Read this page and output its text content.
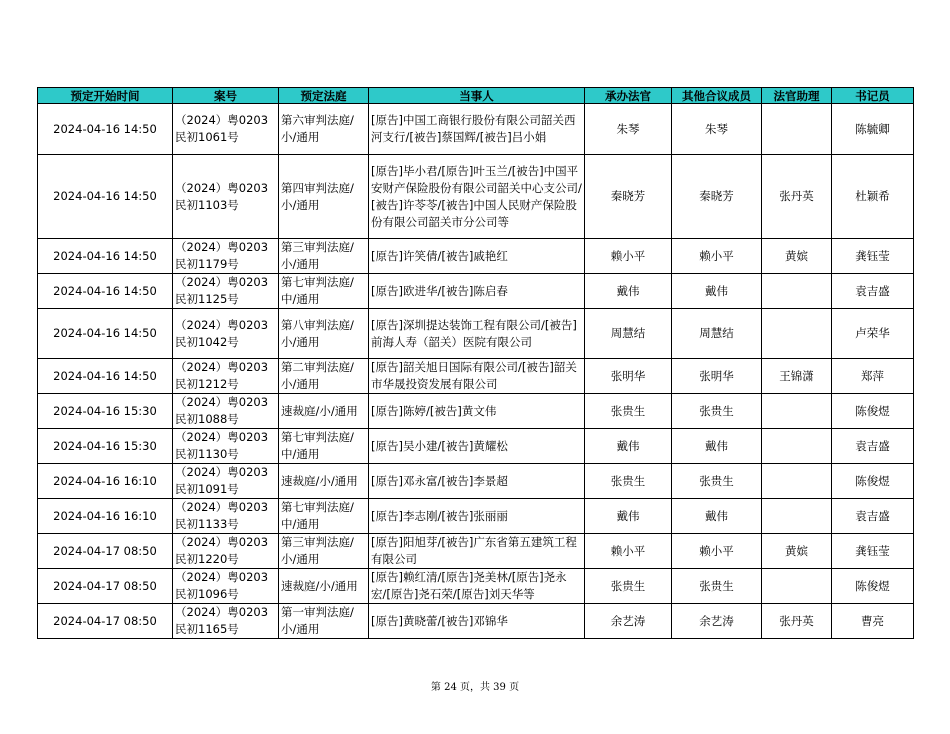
预定开始时间	案号	预定法庭	当事人	承办法官	其他合议成员	法官助理	书记员
2024-04-16 14:50	（2024）粤0203民初1061号	第六审判法庭/小/通用	[原告]中国工商银行股份有限公司韶关西河支行/[被告]蔡国辉/[被告]吕小娟	朱琴	朱琴		陈毓卿
2024-04-16 14:50	（2024）粤0203民初1103号	第四审判法庭/小/通用	[原告]毕小君/[原告]叶玉兰/[被告]中国平安财产保险股份有限公司韶关中心支公司/[被告]许苓苓/[被告]中国人民财产保险股份有限公司韶关市分公司等	秦晓芳	秦晓芳	张丹英	杜颖希
2024-04-16 14:50	（2024）粤0203民初1179号	第三审判法庭/小/通用	[原告]许笑倩/[被告]戚艳红	赖小平	赖小平	黄嫔	龚钰莹
2024-04-16 14:50	（2024）粤0203民初1125号	第七审判法庭/中/通用	[原告]欧进华/[被告]陈启春	戴伟	戴伟		袁吉盛
2024-04-16 14:50	（2024）粤0203民初1042号	第八审判法庭/小/通用	[原告]深圳提达装饰工程有限公司/[被告]前海人寿（韶关）医院有限公司	周慧结	周慧结		卢荣华
2024-04-16 14:50	（2024）粤0203民初1212号	第二审判法庭/小/通用	[原告]韶关旭日国际有限公司/[被告]韶关市华晟投资发展有限公司	张明华	张明华	王锦潇	郑萍
2024-04-16 15:30	（2024）粤0203民初1088号	速裁庭/小/通用	[原告]陈婷/[被告]黄文伟	张贵生	张贵生		陈俊煜
2024-04-16 15:30	（2024）粤0203民初1130号	第七审判法庭/中/通用	[原告]吴小建/[被告]黄耀松	戴伟	戴伟		袁吉盛
2024-04-16 16:10	（2024）粤0203民初1091号	速裁庭/小/通用	[原告]邓永富/[被告]李景超	张贵生	张贵生		陈俊煜
2024-04-16 16:10	（2024）粤0203民初1133号	第七审判法庭/中/通用	[原告]李志刚/[被告]张丽丽	戴伟	戴伟		袁吉盛
2024-04-17 08:50	（2024）粤0203民初1220号	第三审判法庭/小/通用	[原告]阳旭芽/[被告]广东省第五建筑工程有限公司	赖小平	赖小平	黄嫔	龚钰莹
2024-04-17 08:50	（2024）粤0203民初1096号	速裁庭/小/通用	[原告]赖红清/[原告]尧美林/[原告]尧永宏/[原告]尧石荣/[原告]刘天华等	张贵生	张贵生		陈俊煜
2024-04-17 08:50	（2024）粤0203民初1165号	第一审判法庭/小/通用	[原告]黄晓蕾/[被告]邓锦华	余艺涛	余艺涛	张丹英	曹亮
第 24 页，共 39 页
